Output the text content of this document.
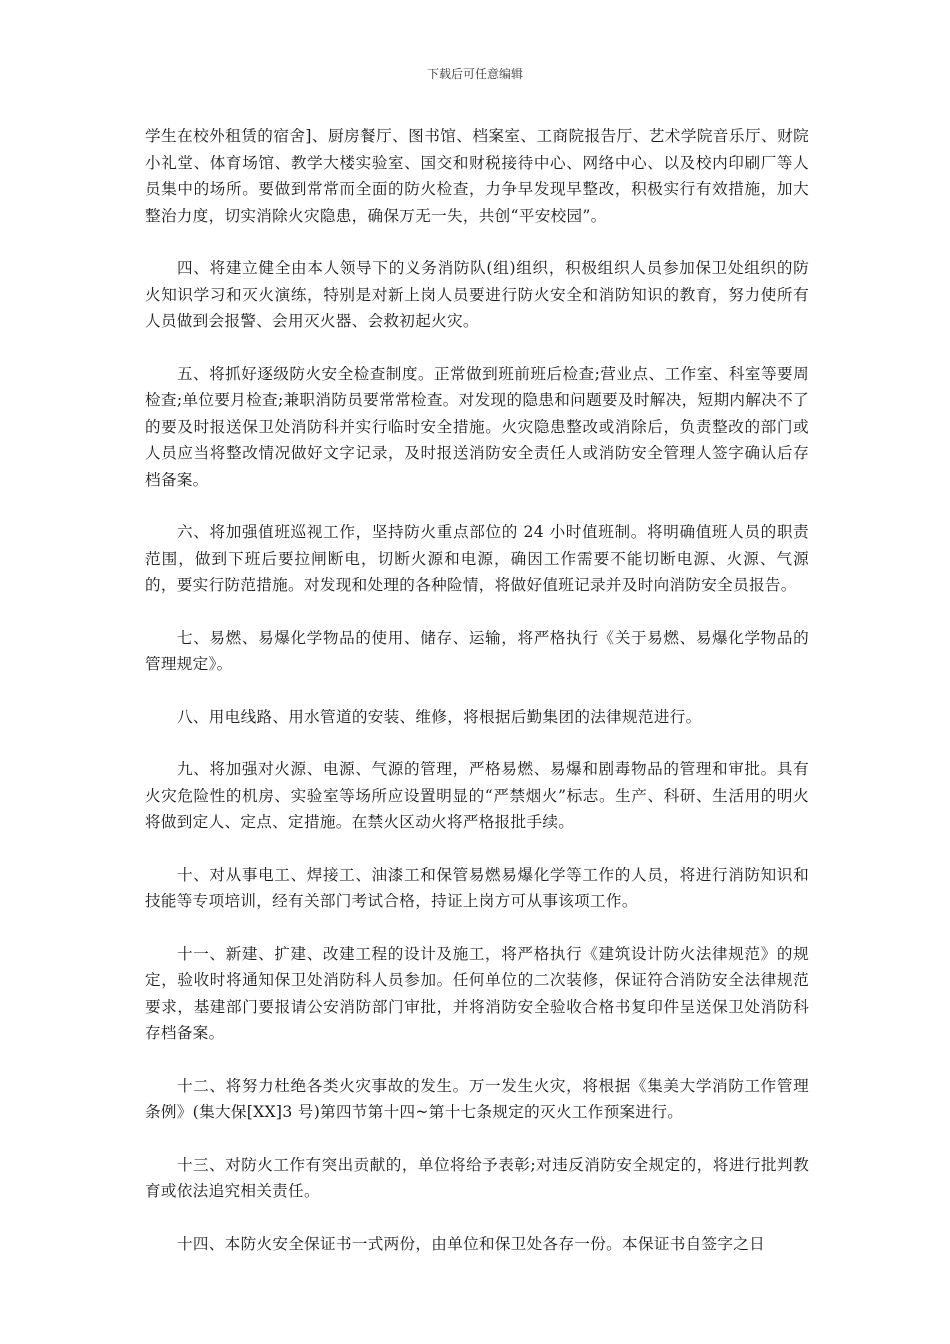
下载后可任意编辑

学生在校外租赁的宿舍]、厨房餐厅、图书馆、档案室、工商院报告厅、艺术学院音乐厅、财院小礼堂、体育场馆、教学大楼实验室、国交和财税接待中心、网络中心、以及校内印刷厂等人员集中的场所。要做到常常而全面的防火检查，力争早发现早整改，积极实行有效措施，加大整治力度，切实消除火灾隐患，确保万无一失，共创“平安校园”。

四、将建立健全由本人领导下的义务消防队(组)组织，积极组织人员参加保卫处组织的防火知识学习和灭火演练，特别是对新上岗人员要进行防火安全和消防知识的教育，努力使所有人员做到会报警、会用灭火器、会救初起火灾。

五、将抓好逐级防火安全检查制度。正常做到班前班后检查;营业点、工作室、科室等要周检查;单位要月检查;兼职消防员要常常检查。对发现的隐患和问题要及时解决，短期内解决不了的要及时报送保卫处消防科并实行临时安全措施。火灾隐患整改或消除后，负责整改的部门或人员应当将整改情况做好文字记录，及时报送消防安全责任人或消防安全管理人签字确认后存档备案。

六、将加强值班巡视工作，坚持防火重点部位的 24 小时值班制。将明确值班人员的职责范围，做到下班后要拉闸断电，切断火源和电源，确因工作需要不能切断电源、火源、气源的，要实行防范措施。对发现和处理的各种险情，将做好值班记录并及时向消防安全员报告。

七、易燃、易爆化学物品的使用、储存、运输，将严格执行《关于易燃、易爆化学物品的管理规定》。

八、用电线路、用水管道的安装、维修，将根据后勤集团的法律规范进行。

九、将加强对火源、电源、气源的管理，严格易燃、易爆和剧毒物品的管理和审批。具有火灾危险性的机房、实验室等场所应设置明显的“严禁烟火”标志。生产、科研、生活用的明火将做到定人、定点、定措施。在禁火区动火将严格报批手续。

十、对从事电工、焊接工、油漆工和保管易燃易爆化学等工作的人员，将进行消防知识和技能等专项培训，经有关部门考试合格，持证上岗方可从事该项工作。

十一、新建、扩建、改建工程的设计及施工，将严格执行《建筑设计防火法律规范》的规定，验收时将通知保卫处消防科人员参加。任何单位的二次装修，保证符合消防安全法律规范要求，基建部门要报请公安消防部门审批，并将消防安全验收合格书复印件呈送保卫处消防科存档备案。

十二、将努力杜绝各类火灾事故的发生。万一发生火灾，将根据《集美大学消防工作管理条例》(集大保[XX]3 号)第四节第十四~第十七条规定的灭火工作预案进行。

十三、对防火工作有突出贡献的，单位将给予表彰;对违反消防安全规定的，将进行批判教育或依法追究相关责任。

十四、本防火安全保证书一式两份，由单位和保卫处各存一份。本保证书自签字之日
